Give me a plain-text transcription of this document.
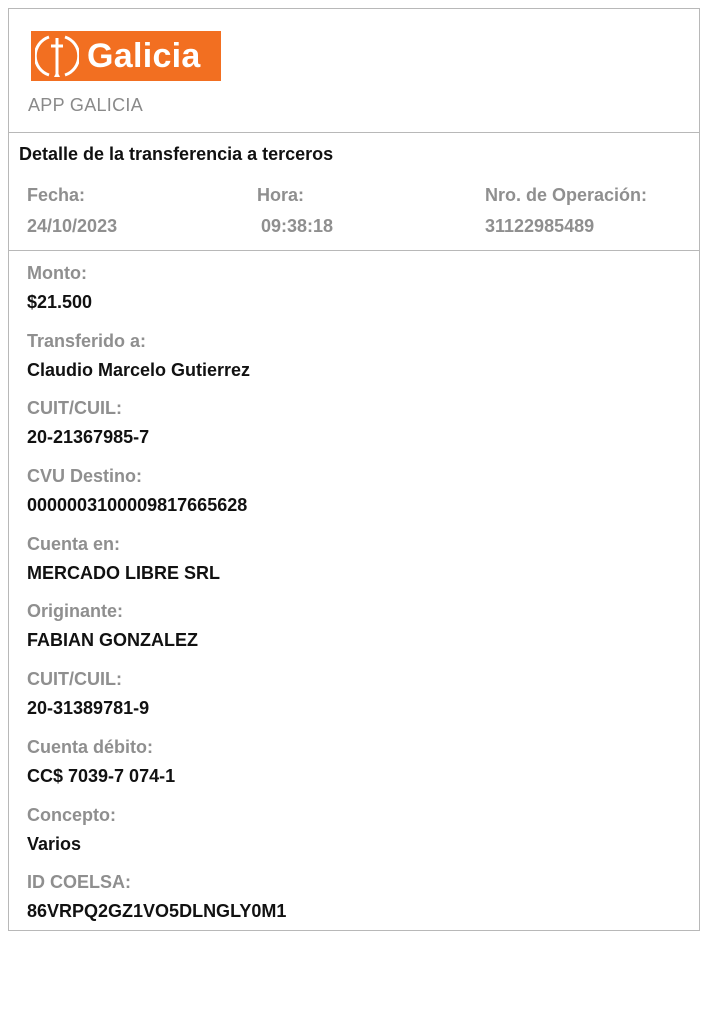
Galicia
APP GALICIA
Detalle de la transferencia a terceros
Fecha:
24/10/2023
Hora:
09:38:18
Nro. de Operación:
31122985489
Monto:
$21.500
Transferido a:
Claudio Marcelo Gutierrez
CUIT/CUIL:
20-21367985-7
CVU Destino:
0000003100009817665628
Cuenta en:
MERCADO LIBRE SRL
Originante:
FABIAN GONZALEZ
CUIT/CUIL:
20-31389781-9
Cuenta débito:
CC$ 7039-7 074-1
Concepto:
Varios
ID COELSA:
86VRPQ2GZ1VO5DLNGLY0M1
